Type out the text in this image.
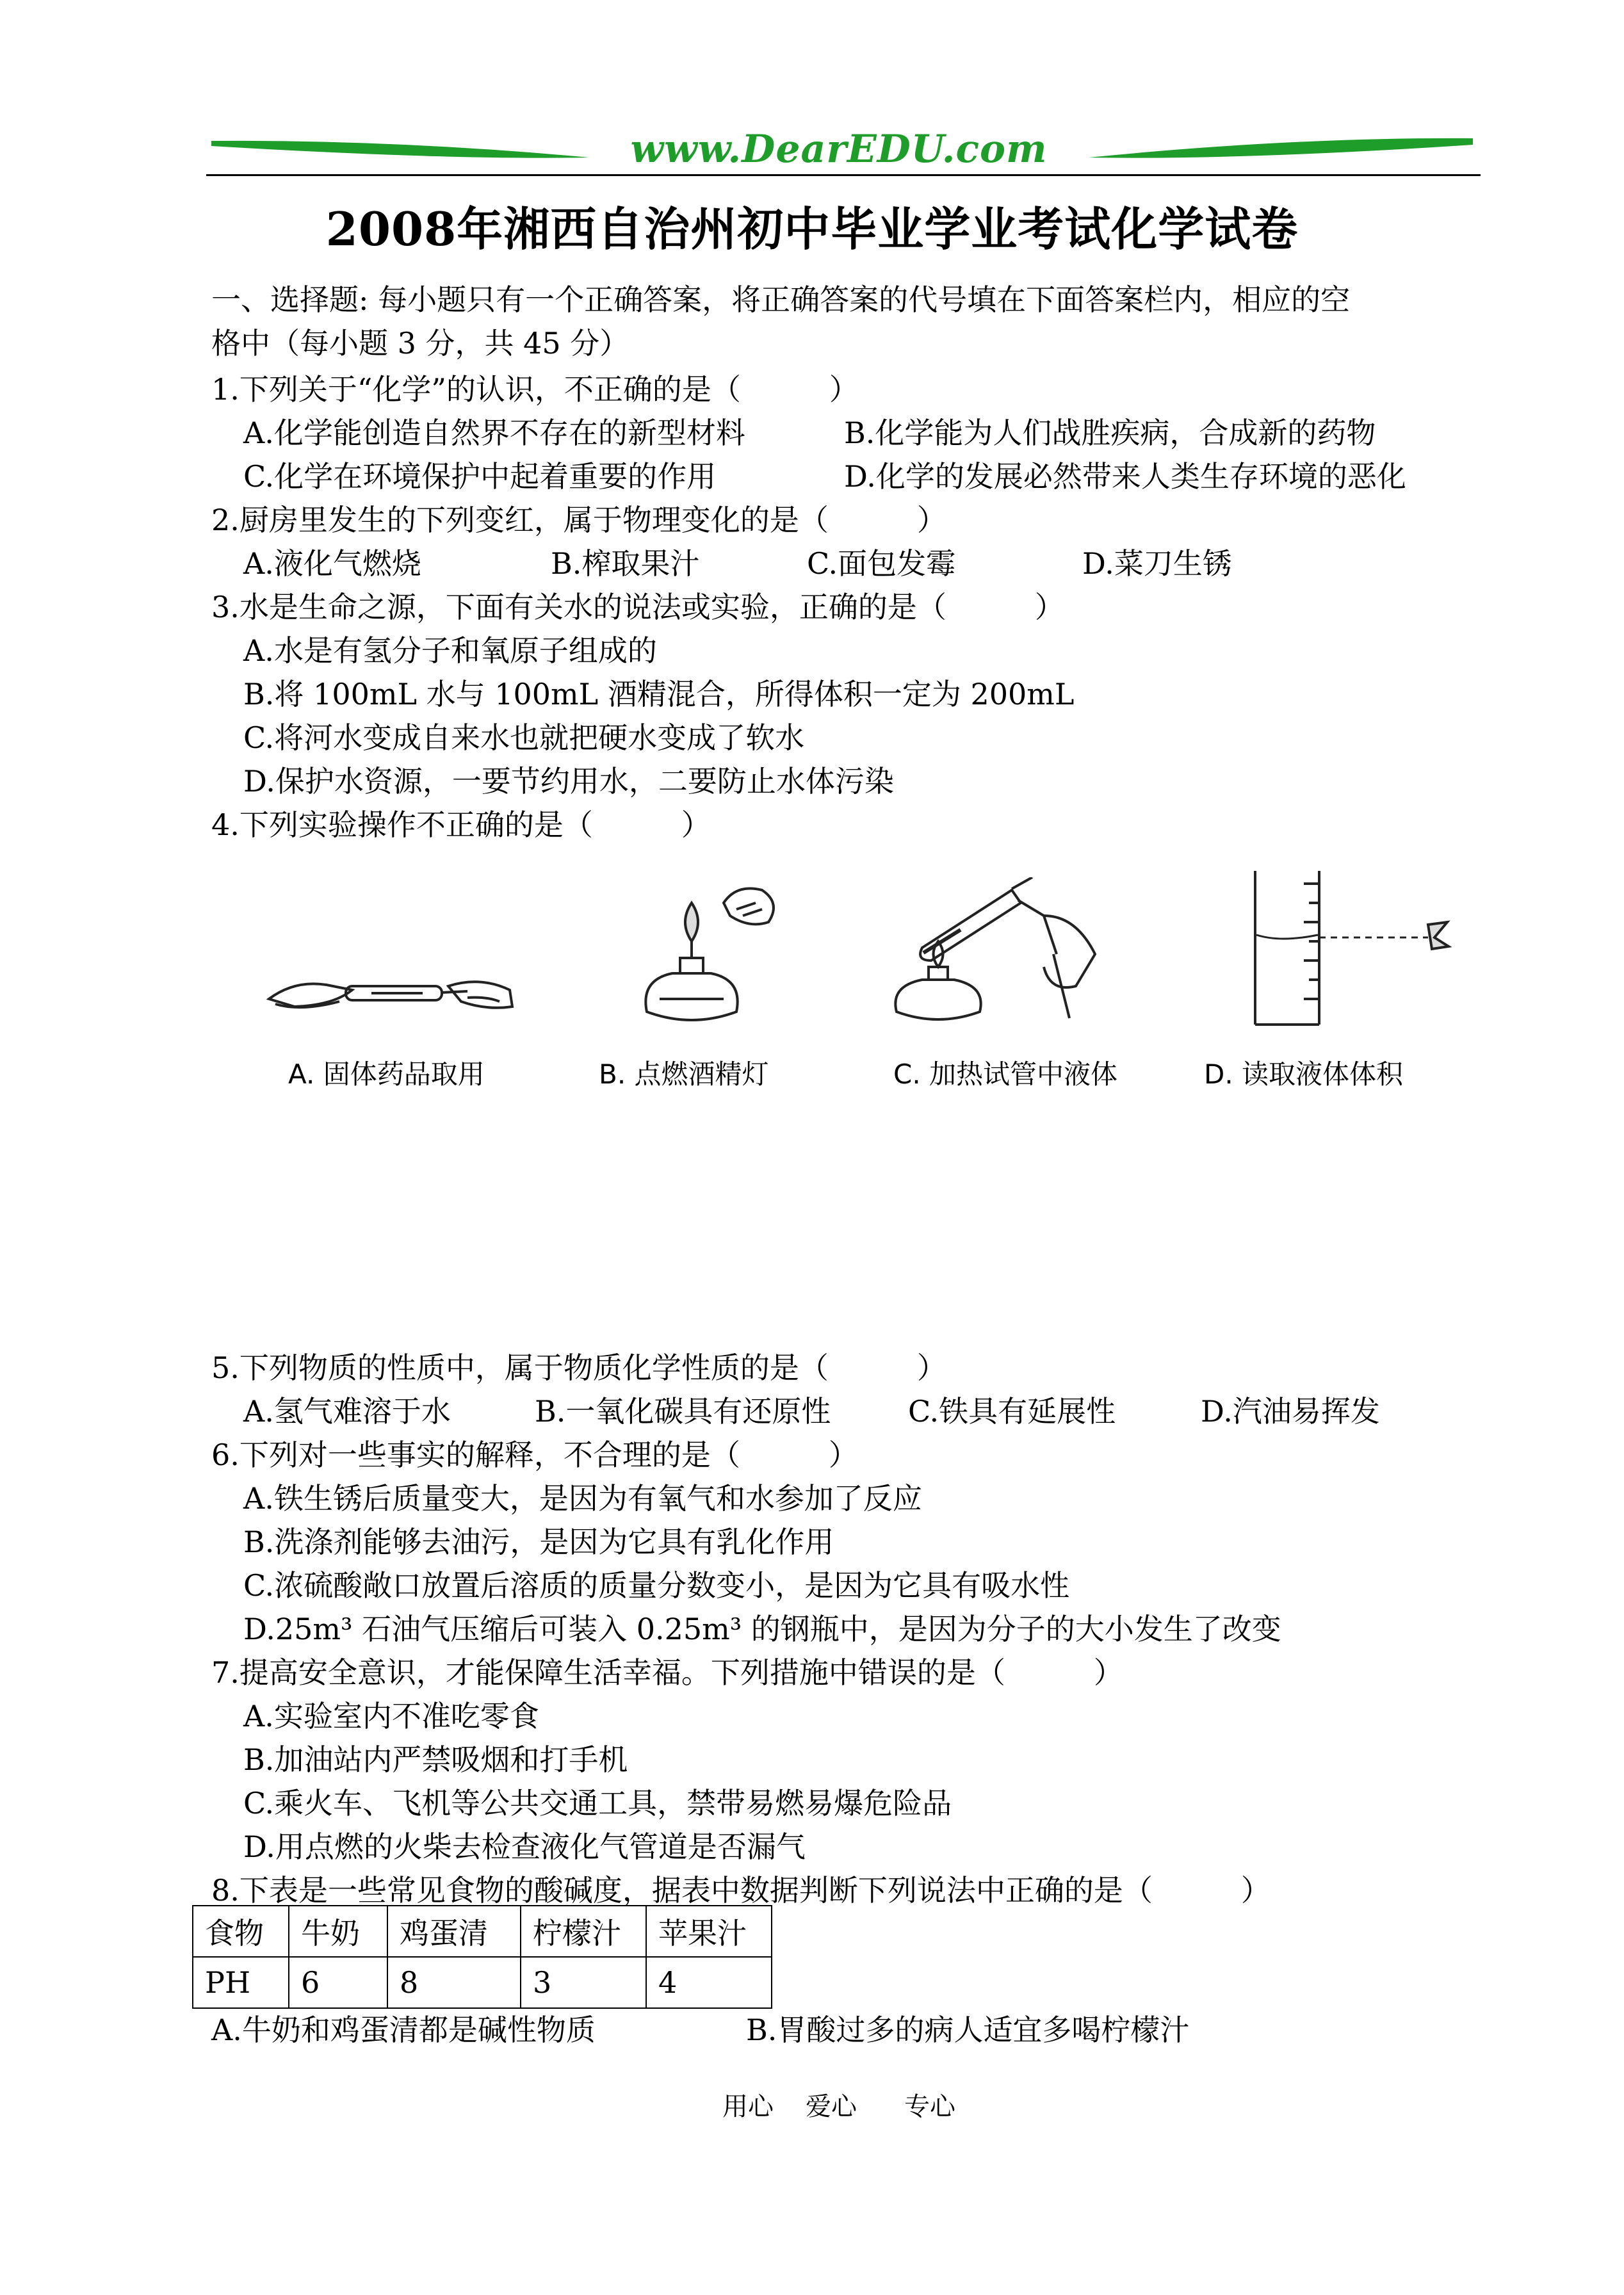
www.DearEDU.com
2008年湘西自治州初中毕业学业考试化学试卷
一、选择题: 每小题只有一个正确答案，将正确答案的代号填在下面答案栏内，相应的空
格中（每小题 3 分，共 45 分）
1.下列关于“化学”的认识，不正确的是（　　　）
A.化学能创造自然界不存在的新型材料	B.化学能为人们战胜疾病，合成新的药物
C.化学在环境保护中起着重要的作用	D.化学的发展必然带来人类生存环境的恶化
2.厨房里发生的下列变红，属于物理变化的是（　　　）
A.液化气燃烧	B.榨取果汁	C.面包发霉	D.菜刀生锈
3.水是生命之源，下面有关水的说法或实验，正确的是（　　　）
A.水是有氢分子和氧原子组成的
B.将 100mL 水与 100mL 酒精混合，所得体积一定为 200mL
C.将河水变成自来水也就把硬水变成了软水
D.保护水资源，一要节约用水，二要防止水体污染
4.下列实验操作不正确的是（　　　）
A. 固体药品取用	B. 点燃酒精灯	C. 加热试管中液体	D. 读取液体体积
5.下列物质的性质中，属于物质化学性质的是（　　　）
A.氢气难溶于水	B.一氧化碳具有还原性	C.铁具有延展性	D.汽油易挥发
6.下列对一些事实的解释，不合理的是（　　　）
A.铁生锈后质量变大，是因为有氧气和水参加了反应
B.洗涤剂能够去油污，是因为它具有乳化作用
C.浓硫酸敞口放置后溶质的质量分数变小，是因为它具有吸水性
D.25m³ 石油气压缩后可装入 0.25m³ 的钢瓶中，是因为分子的大小发生了改变
7.提高安全意识，才能保障生活幸福。下列措施中错误的是（　　　）
A.实验室内不准吃零食
B.加油站内严禁吸烟和打手机
C.乘火车、飞机等公共交通工具，禁带易燃易爆危险品
D.用点燃的火柴去检查液化气管道是否漏气
8.下表是一些常见食物的酸碱度，据表中数据判断下列说法中正确的是（　　　）
食物	牛奶	鸡蛋清	柠檬汁	苹果汁
PH	6	8	3	4
A.牛奶和鸡蛋清都是碱性物质	B.胃酸过多的病人适宜多喝柠檬汁
用心 爱心 专心
